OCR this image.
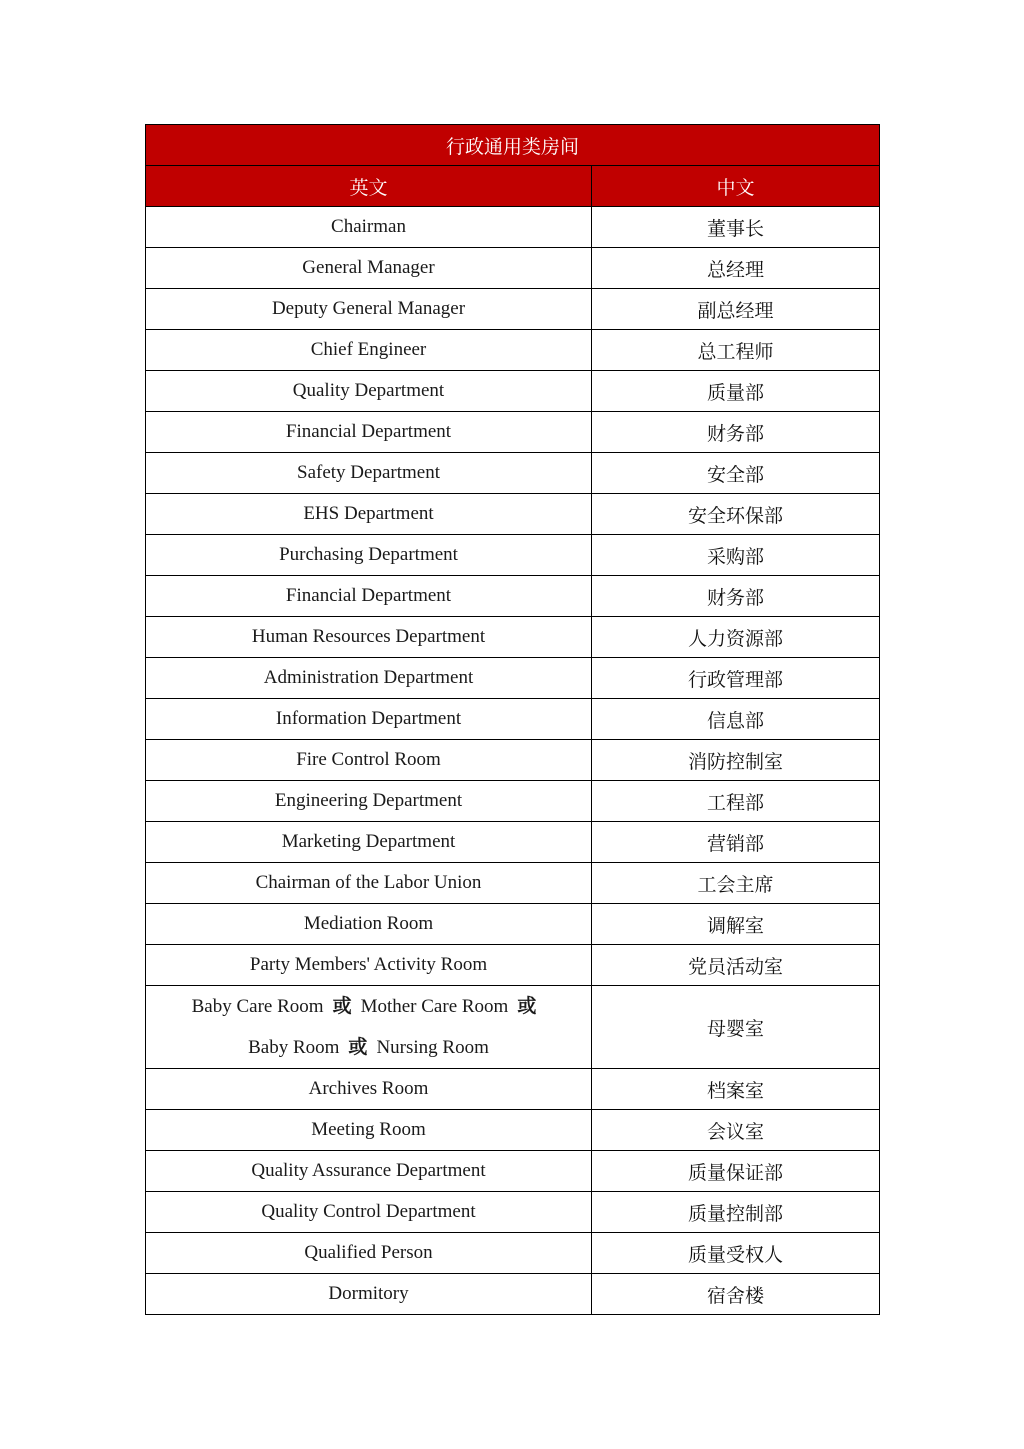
行政通用类房间	
英文	中文
Chairman	董事长
General Manager	总经理
Deputy General Manager	副总经理
Chief Engineer	总工程师
Quality Department	质量部
Financial Department	财务部
Safety Department	安全部
EHS Department	安全环保部
Purchasing Department	采购部
Financial Department	财务部
Human Resources Department	人力资源部
Administration Department	行政管理部
Information Department	信息部
Fire Control Room	消防控制室
Engineering Department	工程部
Marketing Department	营销部
Chairman of the Labor Union	工会主席
Mediation Room	调解室
Party Members' Activity Room	党员活动室

Baby Care Room 或 Mother Care Room 或
Baby Room 或 Nursing Room	母婴室
Archives Room	档案室
Meeting Room	会议室
Quality Assurance Department	质量保证部
Quality Control Department	质量控制部
Qualified Person	质量受权人
Dormitory	宿舍楼
